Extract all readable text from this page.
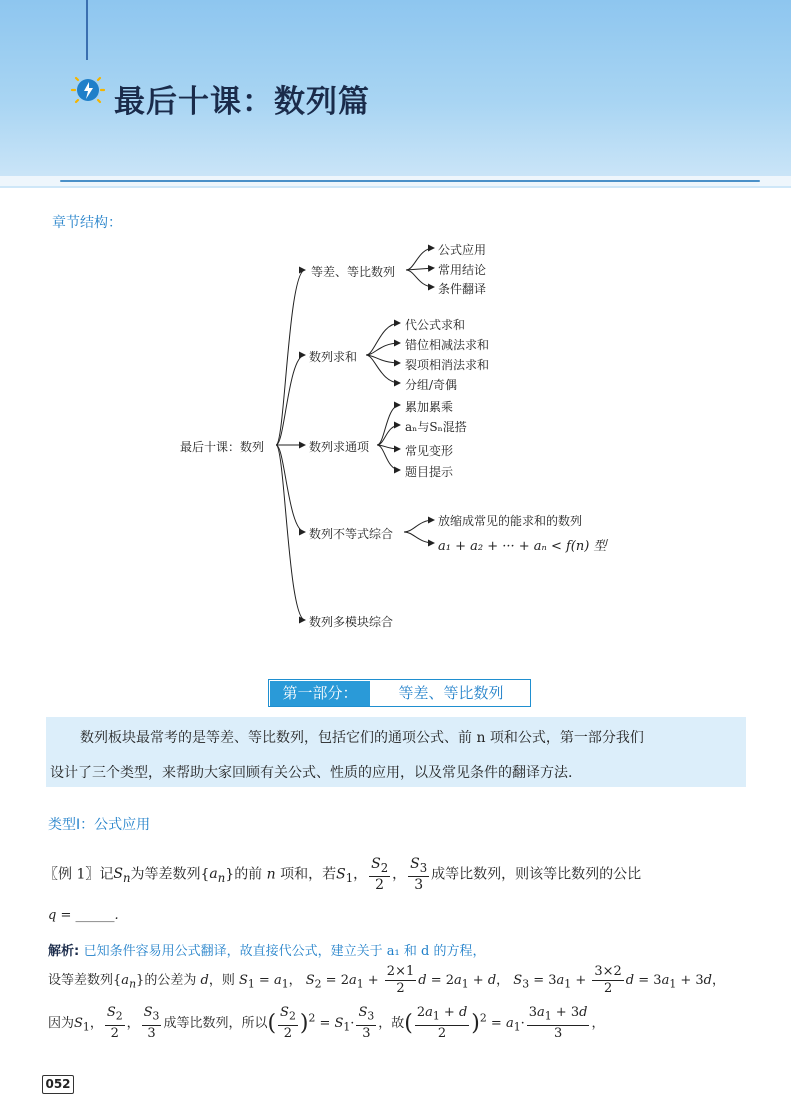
最后十课：数列篇
章节结构：
最后十课：数列
等差、等比数列
公式应用
常用结论
条件翻译
数列求和
代公式求和
错位相减法求和
裂项相消法求和
分组/奇偶
数列求通项
累加累乘
aₙ与Sₙ混搭
常见变形
题目提示
数列不等式综合
放缩成常见的能求和的数列
a₁ + a₂ + ··· + aₙ < f(n) 型
数列多模块综合
第一部分：	等差、等比数列
数列板块最常考的是等差、等比数列，包括它们的通项公式、前 n 项和公式，第一部分我们
设计了三个类型，来帮助大家回顾有关公式、性质的应用，以及常见条件的翻译方法.
类型Ⅰ：公式应用
〖例 1〗记$S_n$为等差数列$\{a_n\}$的前 n 项和，若$S_1$， $\frac{S_2}{2}$ ， $\frac{S_3}{3}$ 成等比数列，则该等比数列的公比
q = ______.
解析: 已知条件容易用公式翻译，故直接代公式，建立关于 a₁ 和 d 的方程，
设等差数列$\{a_n\}$的公差为 d，则 $S_1 = a_1$， $S_2 = 2a_1 + \frac{2\times 1}{2}$ $d = 2a_1 + d$， $S_3 = 3a_1 + \frac{3\times 2}{2}$ $d = 3a_1 + 3d$，
因为$S_1$， $\frac{S_2}{2}$ ， $\frac{S_3}{3}$ 成等比数列，所以( $\frac{S_2}{2} )^2 = S_1\cdot \frac{S_3}{3}$ ，故( $\frac{2a_1 + d}{2} )^2 = a_1\cdot \frac{3a_1 + 3d}{3}$ ，
052
